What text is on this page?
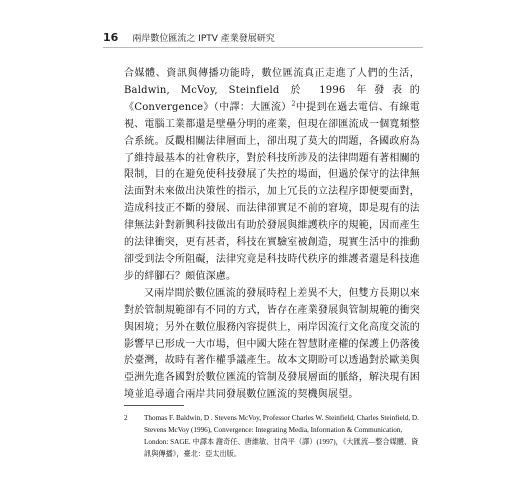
16 兩岸數位匯流之 IPTV 產業發展研究

合媒體、資訊與傳播功能時，數位匯流真正走進了人們的生活，Baldwin, McVoy, Steinfield 於 1996 年發表的《Convergence》（中譯：大匯流）$^2$中提到在過去電信、有線電視、電腦工業都還是壁壘分明的產業，但現在卻匯流成一個寬頻整合系統。反觀相關法律層面上，卻出現了莫大的問題，各國政府為了維持最基本的社會秩序，對於科技所涉及的法律問題有著相關的限制，目的在避免使科技發展了失控的場面，但過於保守的法律無法面對未來做出決策性的指示，加上冗長的立法程序即便要面對，造成科技正不斷的發展、而法律卻實足不前的窘境，即是現有的法律無法針對新興科技做出有助於發展與維護秩序的規範，因而產生的法律衝突，更有甚者，科技在實驗室被創造，現實生活中的推動卻受到法令所阻礙，法律究竟是科技時代秩序的維護者還是科技進步的絆腳石？頗值深慮。

又兩岸間於數位匯流的發展時程上差異不大，但雙方長期以來對於管制規範卻有不同的方式，皆存在產業發展與管制規範的衝突與困境；另外在數位服務內容提供上，兩岸因流行文化高度交流的影響早已形成一大市場，但中國大陸在智慧財產權的保護上仍落後於臺灣，故時有著作權爭議產生。故本文期盼可以透過對於歐美與亞洲先進各國對於數位匯流的管制及發展層面的脈絡，解決現有困境並追尋適合兩岸共同發展數位匯流的契機與展望。

2	Thomas F. Baldwin, D . Stevens McVoy, Professor Charles W. Steinfield, Charles Steinfield, D. Stevens McVoy (1996), Convergence: Integrating Media, Information & Communication, London: SAGE. 中譯本 謝奇任、唐維敏、甘尚平（譯）(1997)，《大匯流—整合媒體、資訊與傳播》，臺北：亞太出版。
